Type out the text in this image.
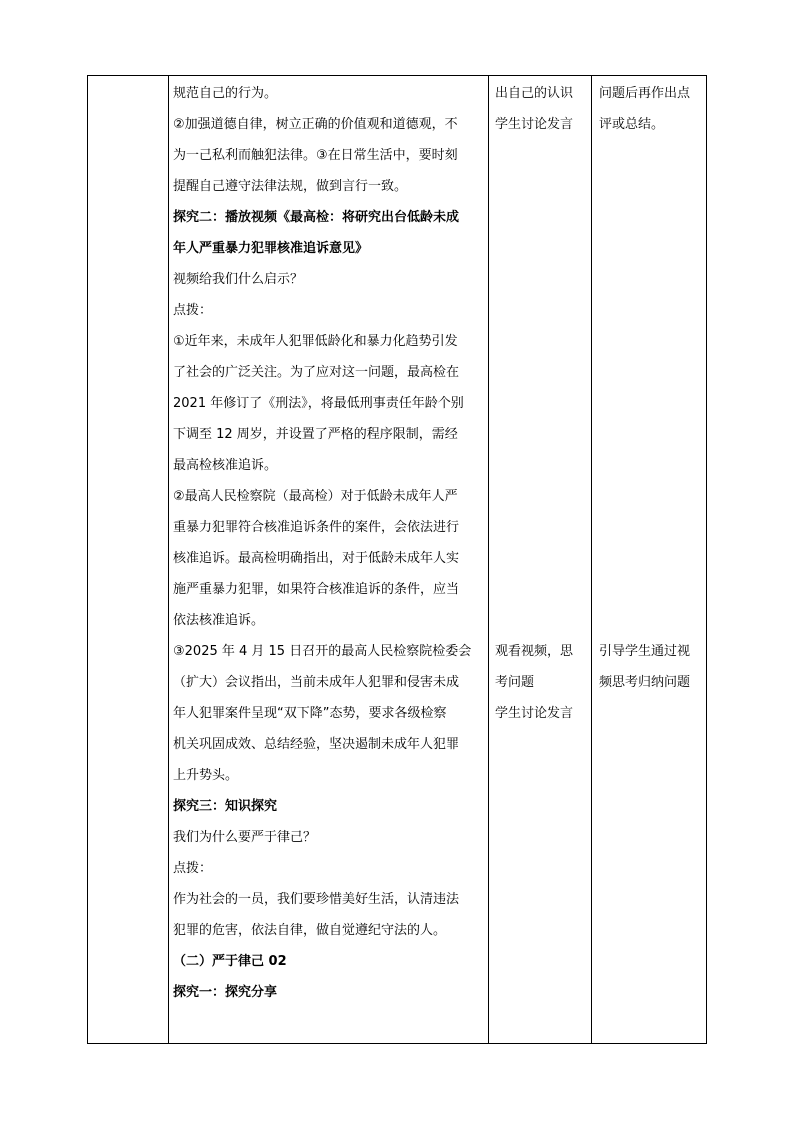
规范自己的行为。
②加强道德自律，树立正确的价值观和道德观，不
为一己私利而触犯法律。③在日常生活中，要时刻
提醒自己遵守法律法规，做到言行一致。
探究二：播放视频《最高检：将研究出台低龄未成
年人严重暴力犯罪核准追诉意见》
视频给我们什么启示？
点拨：
①近年来，未成年人犯罪低龄化和暴力化趋势引发
了社会的广泛关注。为了应对这一问题，最高检在
2021 年修订了《刑法》，将最低刑事责任年龄个别
下调至 12 周岁，并设置了严格的程序限制，需经
最高检核准追诉。
②最高人民检察院（最高检）对于低龄未成年人严
重暴力犯罪符合核准追诉条件的案件，会依法进行
核准追诉。最高检明确指出，对于低龄未成年人实
施严重暴力犯罪，如果符合核准追诉的条件，应当
依法核准追诉。
③2025 年 4 月 15 日召开的最高人民检察院检委会
（扩大）会议指出，当前未成年人犯罪和侵害未成
年人犯罪案件呈现“双下降”态势，要求各级检察
机关巩固成效、总结经验，坚决遏制未成年人犯罪
上升势头。
探究三：知识探究
我们为什么要严于律己？
点拨：
作为社会的一员，我们要珍惜美好生活，认清违法
犯罪的危害，依法自律，做自觉遵纪守法的人。
（二）严于律己 02
探究一：探究分享
出自己的认识
学生讨论发言
观看视频，思
考问题
学生讨论发言
问题后再作出点
评或总结。
引导学生通过视
频思考归纳问题
